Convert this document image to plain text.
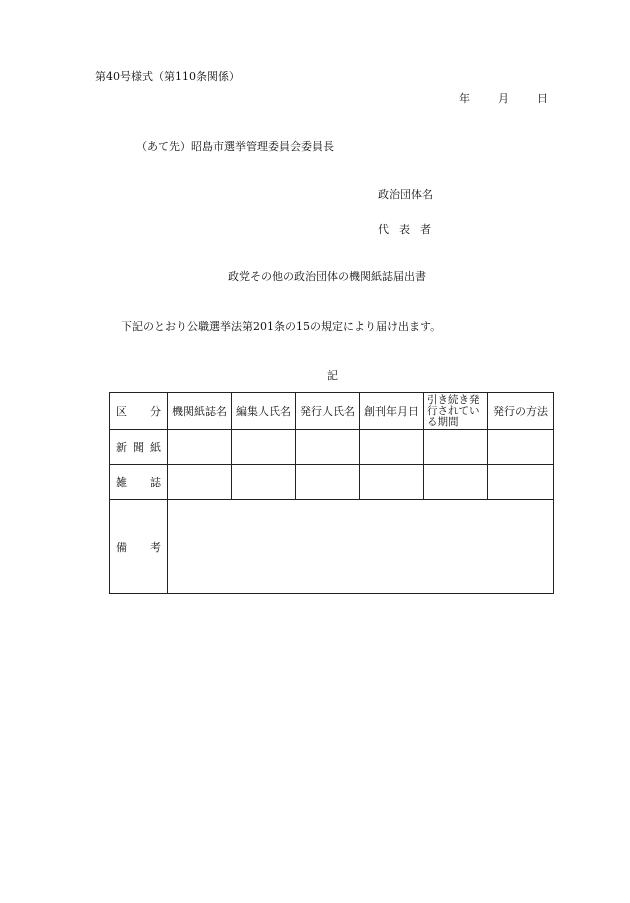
第40号様式（第110条関係）
年	月	日
（あて先）昭島市選挙管理委員会委員長
政治団体名
代表者
政党その他の政治団体の機関紙誌届出書
下記のとおり公職選挙法第201条の15の規定により届け出ます。
記
区 分	機関紙誌名	編集人氏名	発行人氏名	創刊年月日	引き続き発行されている期間	発行の方法

新 聞 紙						

雑 誌						

備 考						
